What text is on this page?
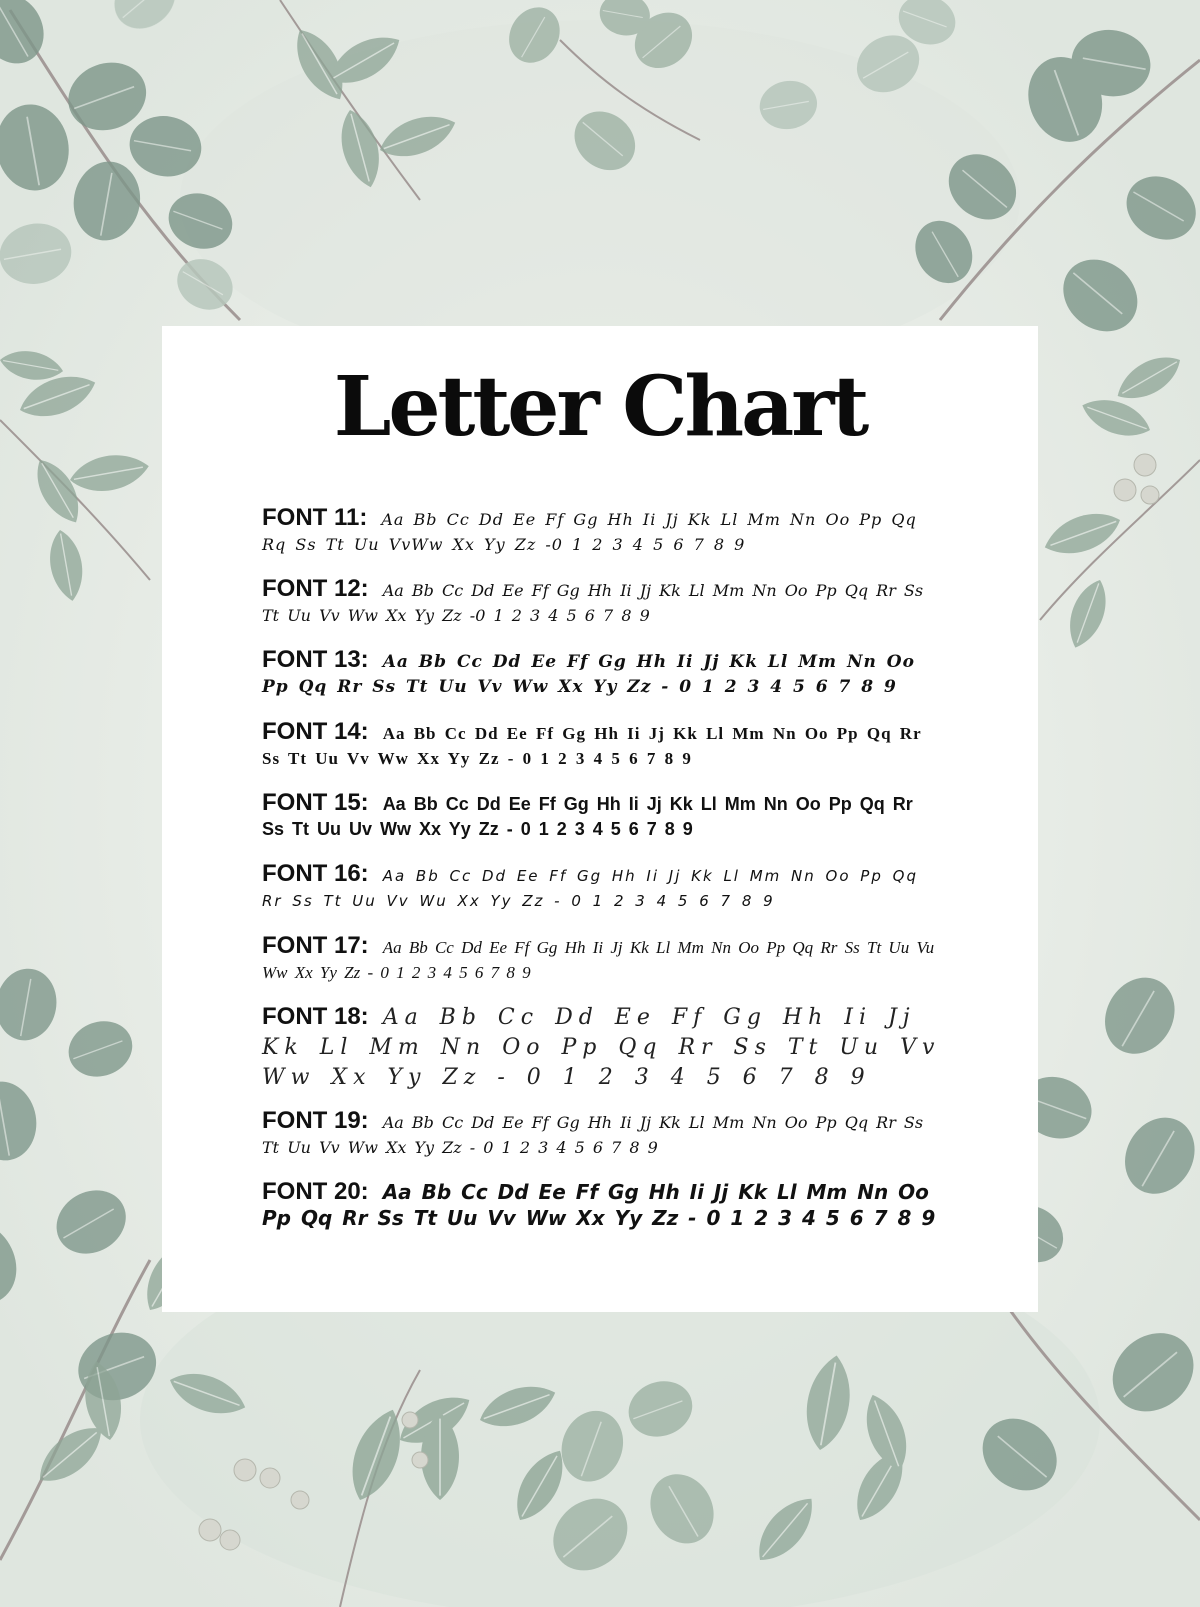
Letter Chart
FONT 11: Aa Bb Cc Dd Ee Ff Gg Hh Ii Jj Kk Ll Mm Nn Oo Pp Qq Rq Ss Tt Uu VvWw Xx Yy Zz -0 1 2 3 4 5 6 7 8 9
FONT 12: Aa Bb Cc Dd Ee Ff Gg Hh Ii Jj Kk Ll Mm Nn Oo Pp Qq Rr Ss Tt Uu Vv Ww Xx Yy Zz -0 1 2 3 4 5 6 7 8 9
FONT 13: Aa Bb Cc Dd Ee Ff Gg Hh Ii Jj Kk Ll Mm Nn Oo Pp Qq Rr Ss Tt Uu Vv Ww Xx Yy Zz - 0 1 2 3 4 5 6 7 8 9
FONT 14: Aa Bb Cc Dd Ee Ff Gg Hh Ii Jj Kk Ll Mm Nn Oo Pp Qq Rr Ss Tt Uu Vv Ww Xx Yy Zz - 0 1 2 3 4 5 6 7 8 9
FONT 15: Aa Bb Cc Dd Ee Ff Gg Hh Ii Jj Kk Ll Mm Nn Oo Pp Qq Rr Ss Tt Uu Uv Ww Xx Yy Zz - 0 1 2 3 4 5 6 7 8 9
FONT 16: Aa Bb Cc Dd Ee Ff Gg Hh Ii Jj Kk Ll Mm Nn Oo Pp Qq Rr Ss Tt Uu Vv Wu Xx Yy Zz - 0 1 2 3 4 5 6 7 8 9
FONT 17: Aa Bb Cc Dd Ee Ff Gg Hh Ii Jj Kk Ll Mm Nn Oo Pp Qq Rr Ss Tt Uu Vu Ww Xx Yy Zz - 0 1 2 3 4 5 6 7 8 9
FONT 18: Aa Bb Cc Dd Ee Ff Gg Hh Ii Jj Kk Ll Mm Nn Oo Pp Qq Rr Ss Tt Uu Vv Ww Xx Yy Zz - 0 1 2 3 4 5 6 7 8 9
FONT 19: Aa Bb Cc Dd Ee Ff Gg Hh Ii Jj Kk Ll Mm Nn Oo Pp Qq Rr Ss Tt Uu Vv Ww Xx Yy Zz - 0 1 2 3 4 5 6 7 8 9
FONT 20: Aa Bb Cc Dd Ee Ff Gg Hh Ii Jj Kk Ll Mm Nn Oo Pp Qq Rr Ss Tt Uu Vv Ww Xx Yy Zz - 0 1 2 3 4 5 6 7 8 9
